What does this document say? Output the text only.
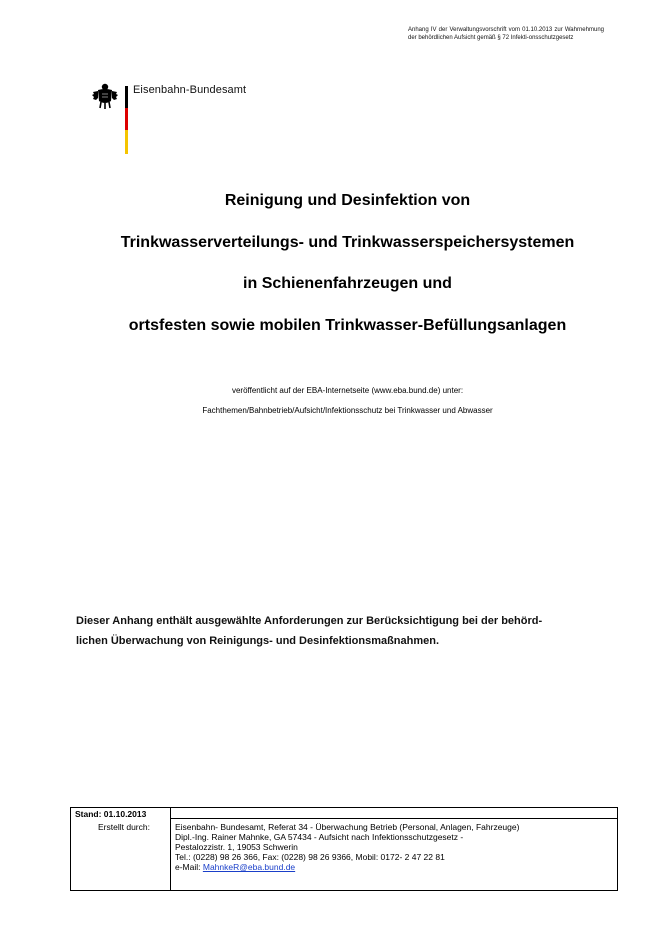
Anhang IV der Verwaltungsvorschrift vom 01.10.2013 zur Wahrnehmung der behördlichen Aufsicht gemäß § 72 Infekti-onsschutzgesetz
Eisenbahn-Bundesamt
Reinigung und Desinfektion von
Trinkwasserverteilungs- und Trinkwasserspeichersystemen
in Schienenfahrzeugen und
ortsfesten sowie mobilen Trinkwasser-Befüllungsanlagen
veröffentlicht auf der EBA-Internetseite (www.eba.bund.de) unter:
Fachthemen/Bahnbetrieb/Aufsicht/Infektionsschutz bei Trinkwasser und Abwasser
Dieser Anhang enthält ausgewählte Anforderungen zur Berücksichtigung bei der behörd-
lichen Überwachung von Reinigungs- und Desinfektionsmaßnahmen.
Stand: 01.10.2013
Erstellt durch:	Eisenbahn- Bundesamt, Referat 34 - Überwachung Betrieb (Personal, Anlagen, Fahrzeuge)
Dipl.-Ing. Rainer Mahnke, GA 57434 - Aufsicht nach Infektionsschutzgesetz -
Pestalozzistr. 1, 19053 Schwerin
Tel.: (0228) 98 26 366, Fax: (0228) 98 26 9366, Mobil: 0172- 2 47 22 81
e-Mail: MahnkeR@eba.bund.de
